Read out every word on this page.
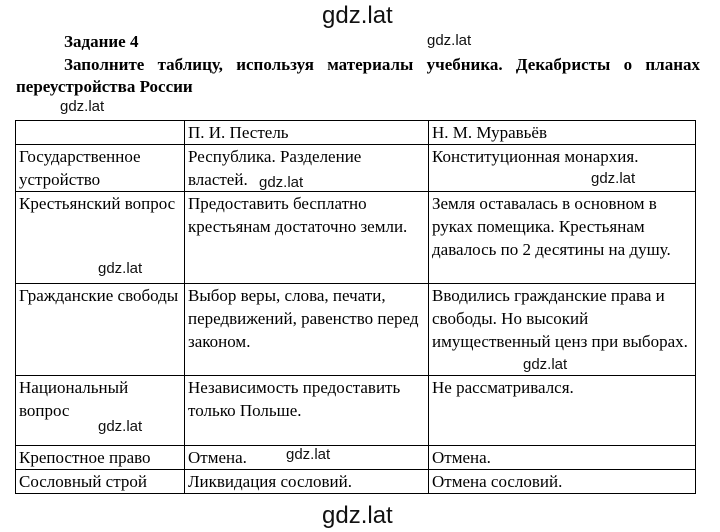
gdz.lat
gdz.lat
Задание 4
Заполните таблицу, используя материалы учебника. Декабристы о планах переустройства России
gdz.lat
	П. И. Пестель	Н. М. Муравьёв
Государственное устройство	Республика. Разделение властей.	Конституционная монархия.
Крестьянский вопрос	Предоставить бесплатно крестьянам достаточно земли.	Земля оставалась в основном в руках помещика. Крестьянам давалось по 2 десятины на душу.
Гражданские свободы	Выбор веры, слова, печати, передвижений, равенство перед законом.	Вводились гражданские права и свободы. Но высокий имущественный ценз при выборах.
Национальный вопрос	Независимость предоставить только Польше.	Не рассматривался.
Крепостное право	Отмена.	Отмена.
Сословный строй	Ликвидация сословий.	Отмена сословий.
gdz.lat	gdz.lat
gdz.lat
gdz.lat
gdz.lat
gdz.lat
gdz.lat
